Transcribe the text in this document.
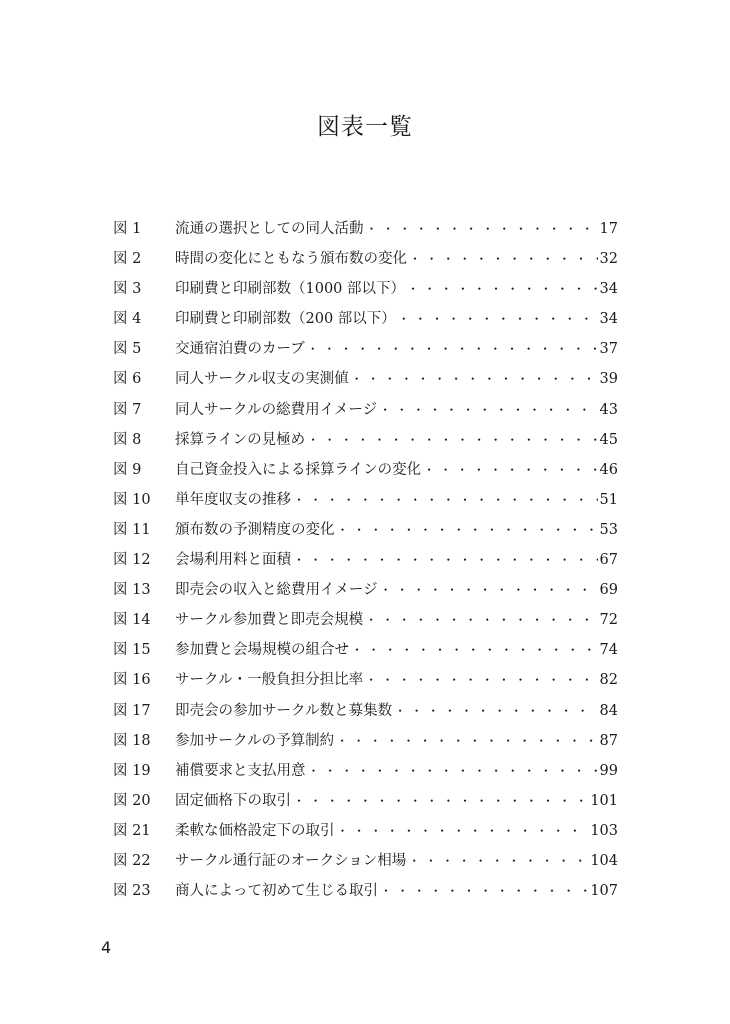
図表一覧
図 1	流通の選択としての同人活動 ・・・・・・・・・・・・・・・・・・・・・・・・・・・・・・・・・・・・・・・・・・・・・・・・・・・	17
図 2	時間の変化にともなう頒布数の変化 ・・・・・・・・・・・・・・・・・・・・・・・・・・・・・・・・・・・・・・・・・・・・・・・・・・・	32
図 3	印刷費と印刷部数（1000 部以下） ・・・・・・・・・・・・・・・・・・・・・・・・・・・・・・・・・・・・・・・・・・・・・・・・・・・	34
図 4	印刷費と印刷部数（200 部以下） ・・・・・・・・・・・・・・・・・・・・・・・・・・・・・・・・・・・・・・・・・・・・・・・・・・・	34
図 5	交通宿泊費のカーブ ・・・・・・・・・・・・・・・・・・・・・・・・・・・・・・・・・・・・・・・・・・・・・・・・・・・	37
図 6	同人サークル収支の実測値 ・・・・・・・・・・・・・・・・・・・・・・・・・・・・・・・・・・・・・・・・・・・・・・・・・・・	39
図 7	同人サークルの総費用イメージ ・・・・・・・・・・・・・・・・・・・・・・・・・・・・・・・・・・・・・・・・・・・・・・・・・・・	43
図 8	採算ラインの見極め ・・・・・・・・・・・・・・・・・・・・・・・・・・・・・・・・・・・・・・・・・・・・・・・・・・・	45
図 9	自己資金投入による採算ラインの変化 ・・・・・・・・・・・・・・・・・・・・・・・・・・・・・・・・・・・・・・・・・・・・・・・・・・・	46
図 10	単年度収支の推移 ・・・・・・・・・・・・・・・・・・・・・・・・・・・・・・・・・・・・・・・・・・・・・・・・・・・	51
図 11	頒布数の予測精度の変化 ・・・・・・・・・・・・・・・・・・・・・・・・・・・・・・・・・・・・・・・・・・・・・・・・・・・	53
図 12	会場利用料と面積 ・・・・・・・・・・・・・・・・・・・・・・・・・・・・・・・・・・・・・・・・・・・・・・・・・・・	67
図 13	即売会の収入と総費用イメージ ・・・・・・・・・・・・・・・・・・・・・・・・・・・・・・・・・・・・・・・・・・・・・・・・・・・	69
図 14	サークル参加費と即売会規模 ・・・・・・・・・・・・・・・・・・・・・・・・・・・・・・・・・・・・・・・・・・・・・・・・・・・	72
図 15	参加費と会場規模の組合せ ・・・・・・・・・・・・・・・・・・・・・・・・・・・・・・・・・・・・・・・・・・・・・・・・・・・	74
図 16	サークル・一般負担分担比率 ・・・・・・・・・・・・・・・・・・・・・・・・・・・・・・・・・・・・・・・・・・・・・・・・・・・	82
図 17	即売会の参加サークル数と募集数 ・・・・・・・・・・・・・・・・・・・・・・・・・・・・・・・・・・・・・・・・・・・・・・・・・・・	84
図 18	参加サークルの予算制約 ・・・・・・・・・・・・・・・・・・・・・・・・・・・・・・・・・・・・・・・・・・・・・・・・・・・	87
図 19	補償要求と支払用意 ・・・・・・・・・・・・・・・・・・・・・・・・・・・・・・・・・・・・・・・・・・・・・・・・・・・	99
図 20	固定価格下の取引 ・・・・・・・・・・・・・・・・・・・・・・・・・・・・・・・・・・・・・・・・・・・・・・・・・・・	101
図 21	柔軟な価格設定下の取引 ・・・・・・・・・・・・・・・・・・・・・・・・・・・・・・・・・・・・・・・・・・・・・・・・・・・	103
図 22	サークル通行証のオークション相場 ・・・・・・・・・・・・・・・・・・・・・・・・・・・・・・・・・・・・・・・・・・・・・・・・・・・	104
図 23	商人によって初めて生じる取引 ・・・・・・・・・・・・・・・・・・・・・・・・・・・・・・・・・・・・・・・・・・・・・・・・・・・	107
4
